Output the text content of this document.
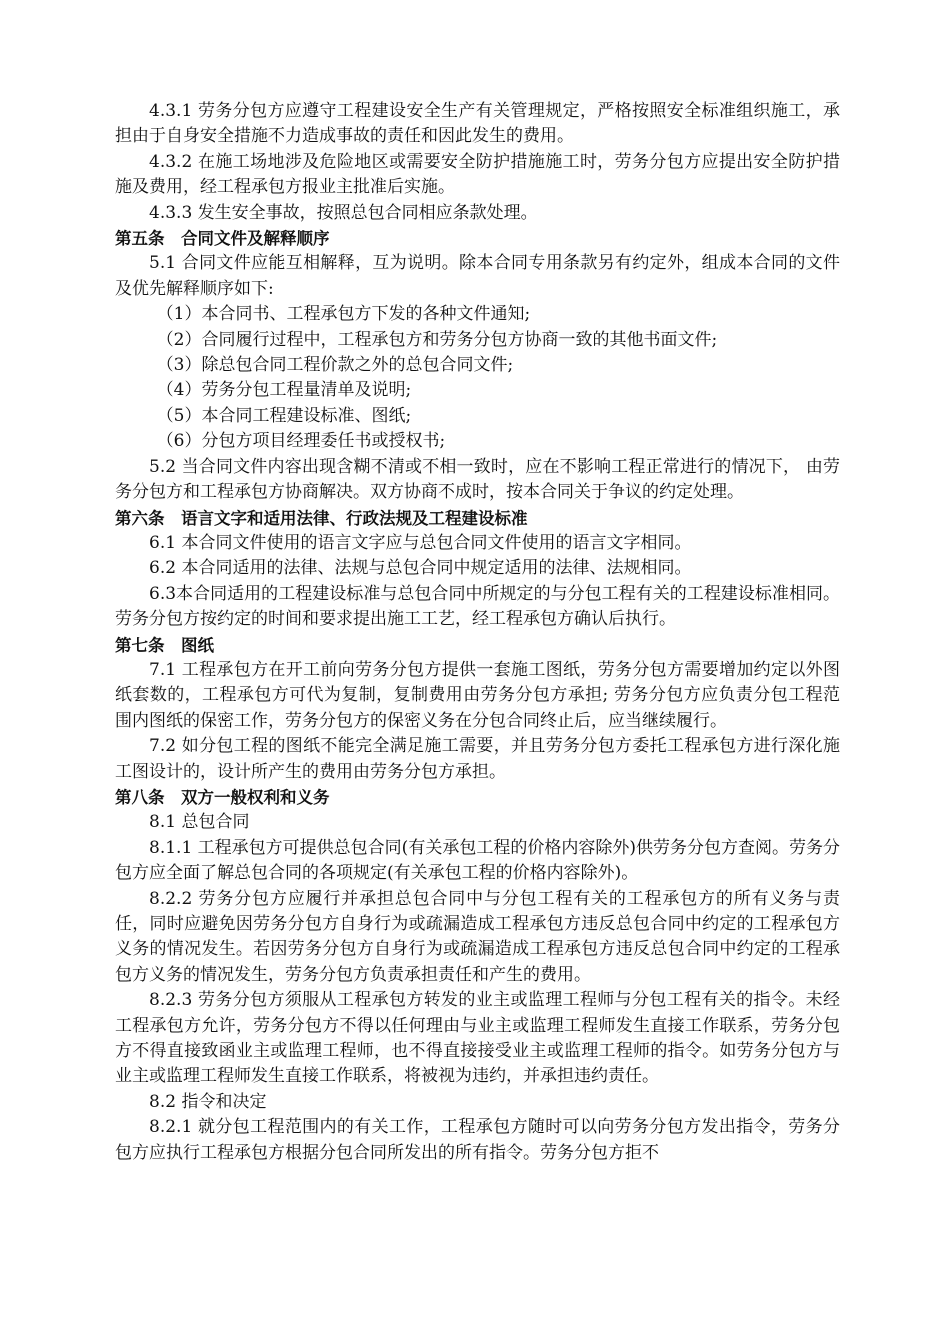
4.3.1 劳务分包方应遵守工程建设安全生产有关管理规定，严格按照安全标准组织施工，承担由于自身安全措施不力造成事故的责任和因此发生的费用。

4.3.2 在施工场地涉及危险地区或需要安全防护措施施工时，劳务分包方应提出安全防护措施及费用，经工程承包方报业主批准后实施。

4.3.3 发生安全事故，按照总包合同相应条款处理。

第五条　合同文件及解释顺序

5.1 合同文件应能互相解释，互为说明。除本合同专用条款另有约定外，组成本合同的文件及优先解释顺序如下:

（1）本合同书、工程承包方下发的各种文件通知;

（2）合同履行过程中，工程承包方和劳务分包方协商一致的其他书面文件;

（3）除总包合同工程价款之外的总包合同文件;

（4）劳务分包工程量清单及说明;

（5）本合同工程建设标准、图纸;

（6）分包方项目经理委任书或授权书;

5.2 当合同文件内容出现含糊不清或不相一致时，应在不影响工程正常进行的情况下， 由劳务分包方和工程承包方协商解决。双方协商不成时，按本合同关于争议的约定处理。

第六条　语言文字和适用法律、行政法规及工程建设标准

6.1 本合同文件使用的语言文字应与总包合同文件使用的语言文字相同。

6.2 本合同适用的法律、法规与总包合同中规定适用的法律、法规相同。

6.3本合同适用的工程建设标准与总包合同中所规定的与分包工程有关的工程建设标准相同。劳务分包方按约定的时间和要求提出施工工艺，经工程承包方确认后执行。

第七条　图纸

7.1 工程承包方在开工前向劳务分包方提供一套施工图纸，劳务分包方需要增加约定以外图纸套数的，工程承包方可代为复制，复制费用由劳务分包方承担; 劳务分包方应负责分包工程范围内图纸的保密工作，劳务分包方的保密义务在分包合同终止后，应当继续履行。

7.2 如分包工程的图纸不能完全满足施工需要，并且劳务分包方委托工程承包方进行深化施工图设计的，设计所产生的费用由劳务分包方承担。

第八条　双方一般权利和义务

8.1 总包合同

8.1.1 工程承包方可提供总包合同(有关承包工程的价格内容除外)供劳务分包方查阅。劳务分包方应全面了解总包合同的各项规定(有关承包工程的价格内容除外)。

8.2.2 劳务分包方应履行并承担总包合同中与分包工程有关的工程承包方的所有义务与责任，同时应避免因劳务分包方自身行为或疏漏造成工程承包方违反总包合同中约定的工程承包方义务的情况发生。若因劳务分包方自身行为或疏漏造成工程承包方违反总包合同中约定的工程承包方义务的情况发生，劳务分包方负责承担责任和产生的费用。

8.2.3 劳务分包方须服从工程承包方转发的业主或监理工程师与分包工程有关的指令。未经工程承包方允许，劳务分包方不得以任何理由与业主或监理工程师发生直接工作联系，劳务分包方不得直接致函业主或监理工程师，也不得直接接受业主或监理工程师的指令。如劳务分包方与业主或监理工程师发生直接工作联系，将被视为违约，并承担违约责任。

8.2 指令和决定

8.2.1 就分包工程范围内的有关工作，工程承包方随时可以向劳务分包方发出指令，劳务分包方应执行工程承包方根据分包合同所发出的所有指令。劳务分包方拒不
